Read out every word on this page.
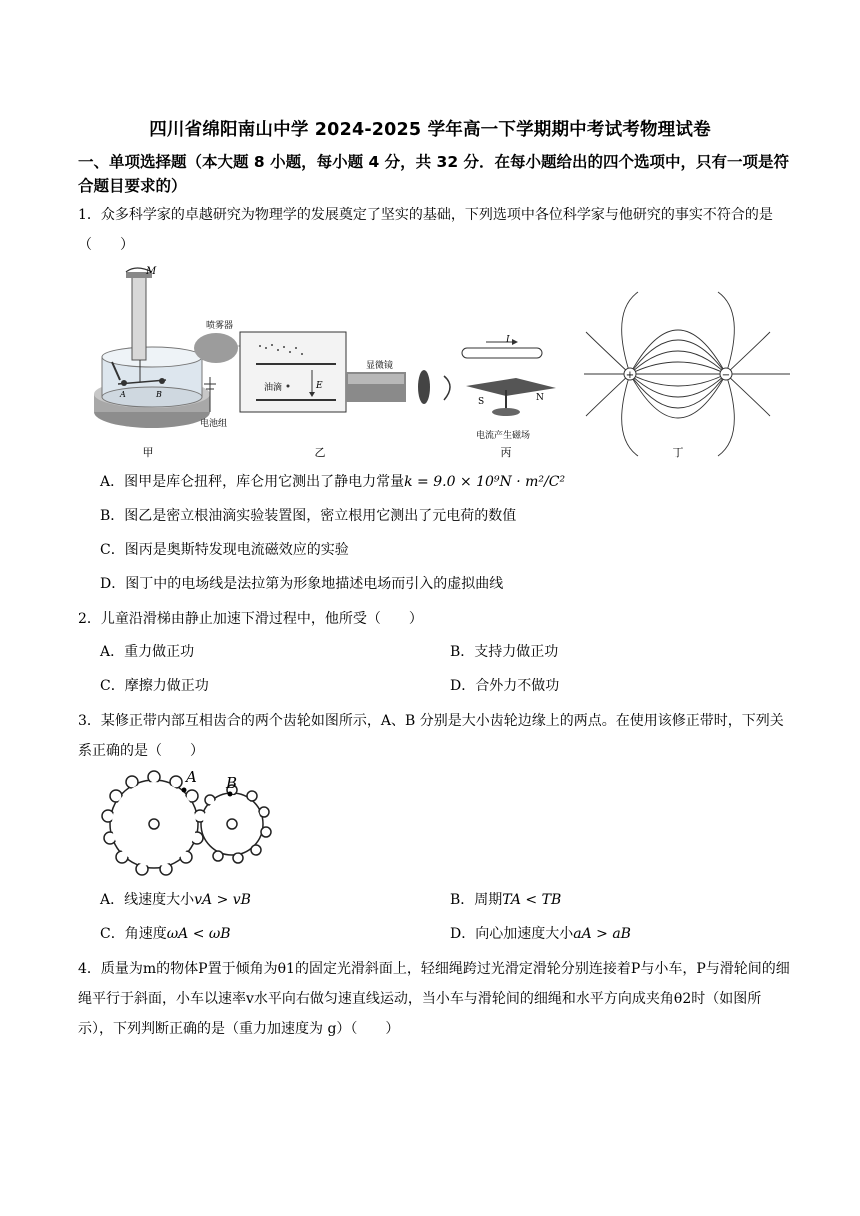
四川省绵阳南山中学 2024-2025 学年高一下学期期中考试考物理试卷
一、单项选择题（本大题 8 小题，每小题 4 分，共 32 分．在每小题给出的四个选项中，只有一项是符合题目要求的）
1．众多科学家的卓越研究为物理学的发展奠定了坚实的基础，下列选项中各位科学家与他研究的事实不符合的是（　　）
M
A	B
甲
喷雾器
油滴	E
电池组
显微镜
乙
I
S	N
电流产生磁场
丙
+	−
丁
A．图甲是库仑扭秤，库仑用它测出了静电力常量k = 9.0 × 10⁹N · m²/C²
B．图乙是密立根油滴实验装置图，密立根用它测出了元电荷的数值
C．图丙是奥斯特发现电流磁效应的实验
D．图丁中的电场线是法拉第为形象地描述电场而引入的虚拟曲线
2．儿童沿滑梯由静止加速下滑过程中，他所受（　　）
A．重力做正功	B．支持力做正功
C．摩擦力做正功	D．合外力不做功
3．某修正带内部互相齿合的两个齿轮如图所示，A、B 分别是大小齿轮边缘上的两点。在使用该修正带时，下列关系正确的是（　　）
A B
A．线速度大小vA > vB	B．周期TA < TB
C．角速度ωA < ωB	D．向心加速度大小aA > aB
4．质量为m的物体P置于倾角为θ1的固定光滑斜面上，轻细绳跨过光滑定滑轮分别连接着P与小车，P与滑轮间的细绳平行于斜面，小车以速率v水平向右做匀速直线运动，当小车与滑轮间的细绳和水平方向成夹角θ2时（如图所示），下列判断正确的是（重力加速度为 g）（　　）
